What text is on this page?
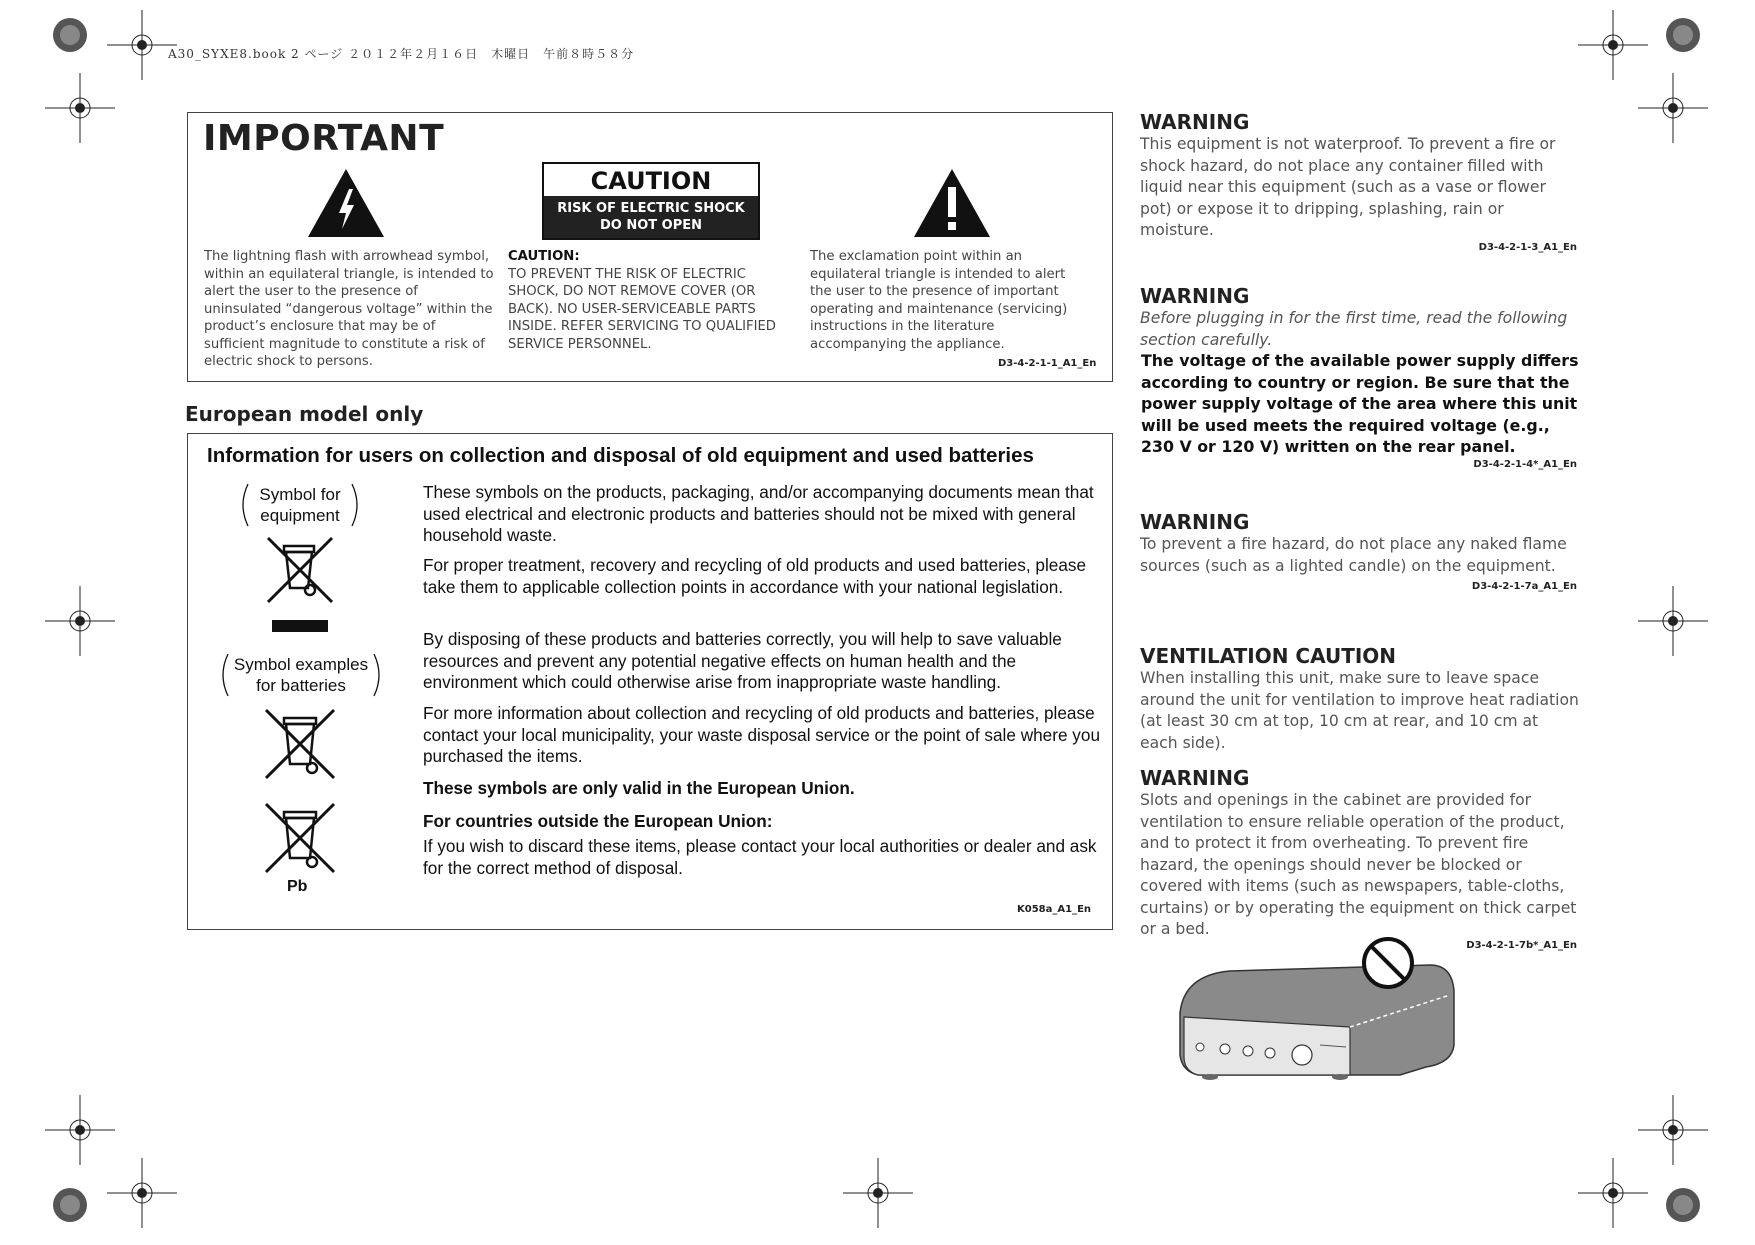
A30_SYXE8.book 2 ページ ２０１２年２月１６日　木曜日　午前８時５８分
IMPORTANT
CAUTION
RISK OF ELECTRIC SHOCK
DO NOT OPEN
The lightning flash with arrowhead symbol, within an equilateral triangle, is intended to alert the user to the presence of uninsulated “dangerous voltage” within the product’s enclosure that may be of sufficient magnitude to constitute a risk of electric shock to persons.
CAUTION:
TO PREVENT THE RISK OF ELECTRIC SHOCK, DO NOT REMOVE COVER (OR BACK). NO USER-SERVICEABLE PARTS INSIDE. REFER SERVICING TO QUALIFIED SERVICE PERSONNEL.
The exclamation point within an equilateral triangle is intended to alert the user to the presence of important operating and maintenance (servicing) instructions in the literature accompanying the appliance.
D3-4-2-1-1_A1_En
European model only
Information for users on collection and disposal of old equipment and used batteries
Symbol for equipment
Symbol examples for batteries
Pb
These symbols on the products, packaging, and/or accompanying documents mean that used electrical and electronic products and batteries should not be mixed with general household waste.
For proper treatment, recovery and recycling of old products and used batteries, please take them to applicable collection points in accordance with your national legislation.
By disposing of these products and batteries correctly, you will help to save valuable resources and prevent any potential negative effects on human health and the environment which could otherwise arise from inappropriate waste handling.
For more information about collection and recycling of old products and batteries, please contact your local municipality, your waste disposal service or the point of sale where you purchased the items.
These symbols are only valid in the European Union.
For countries outside the European Union:
If you wish to discard these items, please contact your local authorities or dealer and ask for the correct method of disposal.
K058a_A1_En
WARNING
This equipment is not waterproof. To prevent a fire or shock hazard, do not place any container filled with liquid near this equipment (such as a vase or flower pot) or expose it to dripping, splashing, rain or moisture.
D3-4-2-1-3_A1_En
WARNING
Before plugging in for the first time, read the following section carefully.
The voltage of the available power supply differs according to country or region. Be sure that the power supply voltage of the area where this unit will be used meets the required voltage (e.g., 230 V or 120 V) written on the rear panel.
D3-4-2-1-4*_A1_En
WARNING
To prevent a fire hazard, do not place any naked flame sources (such as a lighted candle) on the equipment.
D3-4-2-1-7a_A1_En
VENTILATION CAUTION
When installing this unit, make sure to leave space around the unit for ventilation to improve heat radiation (at least 30 cm at top, 10 cm at rear, and 10 cm at each side).
WARNING
Slots and openings in the cabinet are provided for ventilation to ensure reliable operation of the product, and to protect it from overheating. To prevent fire hazard, the openings should never be blocked or covered with items (such as newspapers, table-cloths, curtains) or by operating the equipment on thick carpet or a bed.
D3-4-2-1-7b*_A1_En
